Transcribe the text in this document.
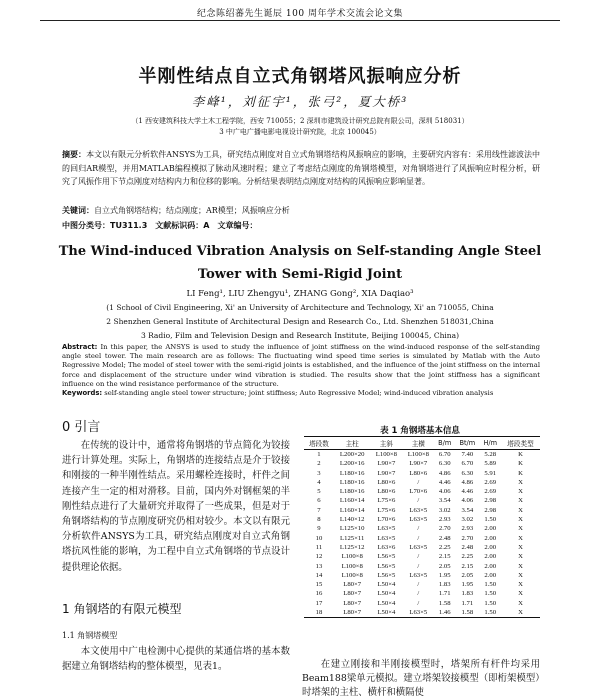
纪念陈绍蕃先生诞辰 100 周年学术交流会论文集
半刚性结点自立式角钢塔风振响应分析
李峰¹，刘征宇¹，张弓²，夏大桥³
（1 西安建筑科技大学土木工程学院，西安 710055；2 深圳市建筑设计研究总院有限公司，深圳 518031）
3 中广电广播电影电视设计研究院，北京 100045）
摘要：本文以有限元分析软件ANSYS为工具，研究结点刚度对自立式角钢塔结构风振响应的影响，主要研究内容有：采用线性滤波法中的回归AR模型，并用MATLAB编程模拟了脉动风速时程；建立了考虑结点刚度的角钢塔模型，对角钢塔进行了风振响应时程分析，研究了风振作用下节点刚度对结构内力和位移的影响。分析结果表明结点刚度对结构的风振响应影响显著。
关键词：自立式角钢塔结构；结点刚度；AR模型；风振响应分析
中图分类号：TU311.3　文献标识码：A　文章编号：
The Wind-induced Vibration Analysis on Self-standing Angle Steel Tower with Semi-Rigid Joint
LI Feng¹, LIU Zhengyu¹, ZHANG Gong², XIA Daqiao³
(1 School of Civil Engineering, Xi' an University of Architecture and Technology, Xi' an 710055, China
2 Shenzhen General Institute of Architectural Design and Research Co., Ltd. Shenzhen 518031,China
3 Radio, Film and Television Design and Research Institute, Beijing 100045, China)
Abstract: In this paper, the ANSYS is used to study the influence of joint stiffness on the wind-induced response of the self-standing angle steel tower. The main research are as follows: The fluctuating wind speed time series is simulated by Matlab with the Auto Regressive Model; The model of steel tower with the semi-rigid joints is established, and the influence of the joint stiffness on the internal force and displacement of the structure under wind vibration is studied. The results show that the joint stiffness has a significant influence on the wind resistance performance of the structure.
Keywords: self-standing angle steel tower structure; joint stiffness; Auto Regressive Model; wind-induced vibration analysis
0 引言

在传统的设计中，通常将角钢塔的节点简化为铰接进行计算处理。实际上，角钢塔的连接结点是介于铰接和刚接的一种半刚性结点。采用螺栓连接时，杆件之间连接产生一定的相对滑移。目前，国内外对钢框架的半刚性结点进行了大量研究并取得了一些成果，但是对于角钢塔结构的节点刚度研究仍相对较少。本文以有限元分析软件ANSYS为工具，研究结点刚度对自立式角钢塔抗风性能的影响，为工程中自立式角钢塔的节点设计提供理论依据。

1 角钢塔的有限元模型
1.1 角钢塔模型

本文使用中广电检测中心提供的某通信塔的基本数据建立角钢塔结构的整体模型，见表1。

表 1 角钢塔基本信息
塔段数	主柱	主斜	主横	B/m	Bt/m	H/m	塔段类型
1	L200×20	L100×8	L100×8	6.70	7.40	5.28	K
2	L200×16	L90×7	L90×7	6.30	6.70	5.89	K
3	L180×16	L90×7	L80×6	4.86	6.30	5.91	K
4	L180×16	L80×6	/	4.46	4.86	2.69	X
5	L180×16	L80×6	L70×6	4.06	4.46	2.69	X
6	L160×14	L75×6	/	3.54	4.06	2.98	X
7	L160×14	L75×6	L63×5	3.02	3.54	2.98	X
8	L140×12	L70×6	L63×5	2.93	3.02	1.50	X
9	L125×10	L63×5	/	2.70	2.93	2.00	X
10	L125×11	L63×5	/	2.48	2.70	2.00	X
11	L125×12	L63×6	L63×5	2.25	2.48	2.00	X
12	L100×8	L56×5	/	2.15	2.25	2.00	X
13	L100×8	L56×5	/	2.05	2.15	2.00	X
14	L100×8	L56×5	L63×5	1.95	2.05	2.00	X
15	L80×7	L50×4	/	1.83	1.95	1.50	X
16	L80×7	L50×4	/	1.71	1.83	1.50	X
17	L80×7	L50×4	/	1.58	1.71	1.50	X
18	L80×7	L50×4	L63×5	1.46	1.58	1.50	X

在建立刚接和半刚接模型时，塔架所有杆件均采用Beam188梁单元模拟。建立塔架铰接模型（即桁架模型）时塔架的主柱、横杆和横隔使
